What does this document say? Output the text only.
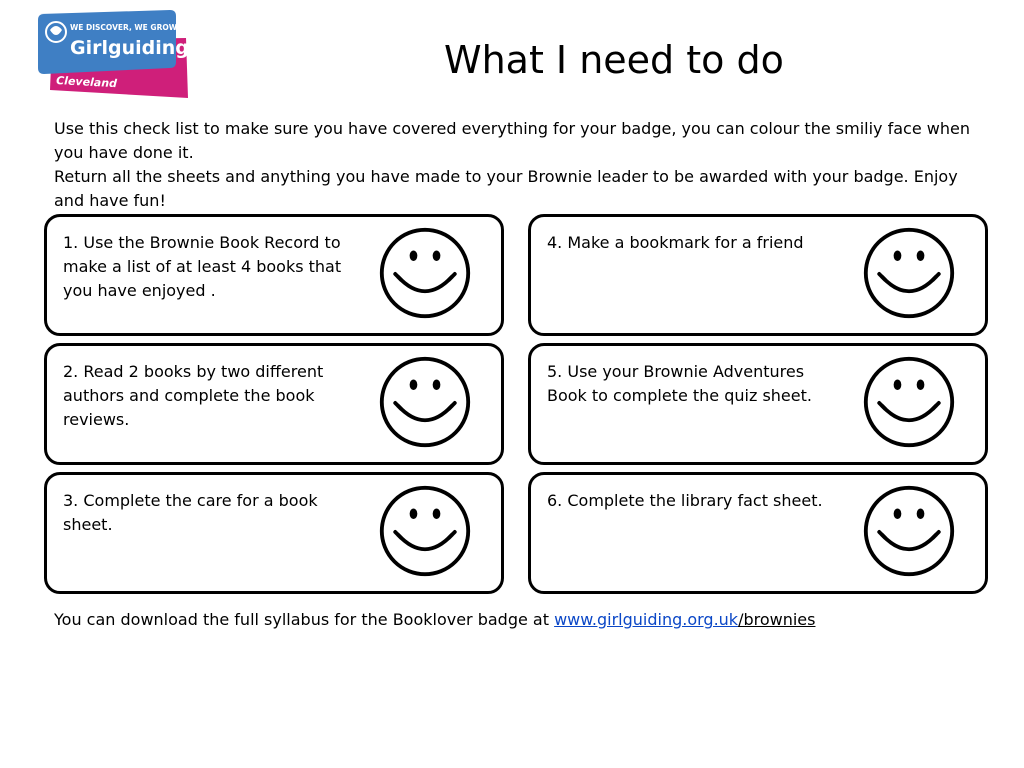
WE DISCOVER, WE GROW
Girlguiding
Cleveland
What I need to do

Use this check list to make sure you have covered everything for your badge, you can colour the smiliy face when you have done it.

Return all the sheets and anything you have made to your Brownie leader to be awarded with your badge. Enjoy and have fun!

1. Use the Brownie Book Record to make a list of at least 4 books that you have enjoyed .
4. Make a bookmark for a friend
2. Read 2 books by two different authors and complete the book reviews.
5. Use your Brownie Adventures Book to complete the quiz sheet.
3. Complete the care for a book sheet.
6. Complete the library fact sheet.
You can download the full syllabus for the Booklover badge at www.girlguiding.org.uk/brownies
